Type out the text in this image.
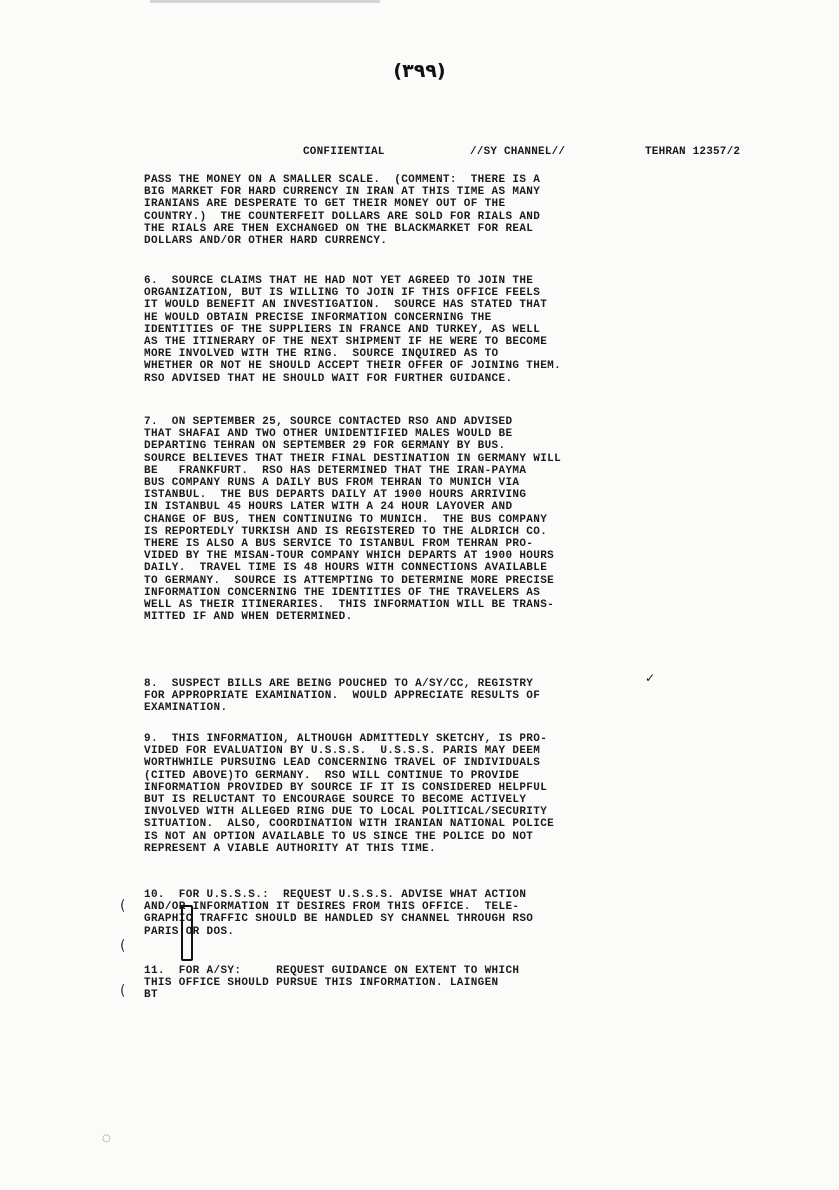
(٣٩٩)
CONFIIENTIAL	//SY CHANNEL//	TEHRAN 12357/2
PASS THE MONEY ON A SMALLER SCALE.  (COMMENT:  THERE IS A
BIG MARKET FOR HARD CURRENCY IN IRAN AT THIS TIME AS MANY
IRANIANS ARE DESPERATE TO GET THEIR MONEY OUT OF THE
COUNTRY.)  THE COUNTERFEIT DOLLARS ARE SOLD FOR RIALS AND
THE RIALS ARE THEN EXCHANGED ON THE BLACKMARKET FOR REAL
DOLLARS AND/OR OTHER HARD CURRENCY.
6.  SOURCE CLAIMS THAT HE HAD NOT YET AGREED TO JOIN THE
ORGANIZATION, BUT IS WILLING TO JOIN IF THIS OFFICE FEELS
IT WOULD BENEFIT AN INVESTIGATION.  SOURCE HAS STATED THAT
HE WOULD OBTAIN PRECISE INFORMATION CONCERNING THE
IDENTITIES OF THE SUPPLIERS IN FRANCE AND TURKEY, AS WELL
AS THE ITINERARY OF THE NEXT SHIPMENT IF HE WERE TO BECOME
MORE INVOLVED WITH THE RING.  SOURCE INQUIRED AS TO
WHETHER OR NOT HE SHOULD ACCEPT THEIR OFFER OF JOINING THEM.
RSO ADVISED THAT HE SHOULD WAIT FOR FURTHER GUIDANCE.
7.  ON SEPTEMBER 25, SOURCE CONTACTED RSO AND ADVISED
THAT SHAFAI AND TWO OTHER UNIDENTIFIED MALES WOULD BE
DEPARTING TEHRAN ON SEPTEMBER 29 FOR GERMANY BY BUS.
SOURCE BELIEVES THAT THEIR FINAL DESTINATION IN GERMANY WILL
BE   FRANKFURT.  RSO HAS DETERMINED THAT THE IRAN-PAYMA
BUS COMPANY RUNS A DAILY BUS FROM TEHRAN TO MUNICH VIA
ISTANBUL.  THE BUS DEPARTS DAILY AT 1900 HOURS ARRIVING
IN ISTANBUL 45 HOURS LATER WITH A 24 HOUR LAYOVER AND
CHANGE OF BUS, THEN CONTINUING TO MUNICH.  THE BUS COMPANY
IS REPORTEDLY TURKISH AND IS REGISTERED TO THE ALDRICH CO.
THERE IS ALSO A BUS SERVICE TO ISTANBUL FROM TEHRAN PRO-
VIDED BY THE MISAN-TOUR COMPANY WHICH DEPARTS AT 1900 HOURS
DAILY.  TRAVEL TIME IS 48 HOURS WITH CONNECTIONS AVAILABLE
TO GERMANY.  SOURCE IS ATTEMPTING TO DETERMINE MORE PRECISE
INFORMATION CONCERNING THE IDENTITIES OF THE TRAVELERS AS
WELL AS THEIR ITINERARIES.  THIS INFORMATION WILL BE TRANS-
MITTED IF AND WHEN DETERMINED.
8.  SUSPECT BILLS ARE BEING POUCHED TO A/SY/CC, REGISTRY
FOR APPROPRIATE EXAMINATION.  WOULD APPRECIATE RESULTS OF
EXAMINATION.
9.  THIS INFORMATION, ALTHOUGH ADMITTEDLY SKETCHY, IS PRO-
VIDED FOR EVALUATION BY U.S.S.S.  U.S.S.S. PARIS MAY DEEM
WORTHWHILE PURSUING LEAD CONCERNING TRAVEL OF INDIVIDUALS
(CITED ABOVE)TO GERMANY.  RSO WILL CONTINUE TO PROVIDE
INFORMATION PROVIDED BY SOURCE IF IT IS CONSIDERED HELPFUL
BUT IS RELUCTANT TO ENCOURAGE SOURCE TO BECOME ACTIVELY
INVOLVED WITH ALLEGED RING DUE TO LOCAL POLITICAL/SECURITY
SITUATION.  ALSO, COORDINATION WITH IRANIAN NATIONAL POLICE
IS NOT AN OPTION AVAILABLE TO US SINCE THE POLICE DO NOT
REPRESENT A VIABLE AUTHORITY AT THIS TIME.
10.  FOR U.S.S.S.:  REQUEST U.S.S.S. ADVISE WHAT ACTION
AND/OR INFORMATION IT DESIRES FROM THIS OFFICE.  TELE-
GRAPHIC TRAFFIC SHOULD BE HANDLED SY CHANNEL THROUGH RSO
PARIS OR DOS.
11.  FOR A/SY:     REQUEST GUIDANCE ON EXTENT TO WHICH
THIS OFFICE SHOULD PURSUE THIS INFORMATION. LAINGEN
BT
✓
(
(
(
○
